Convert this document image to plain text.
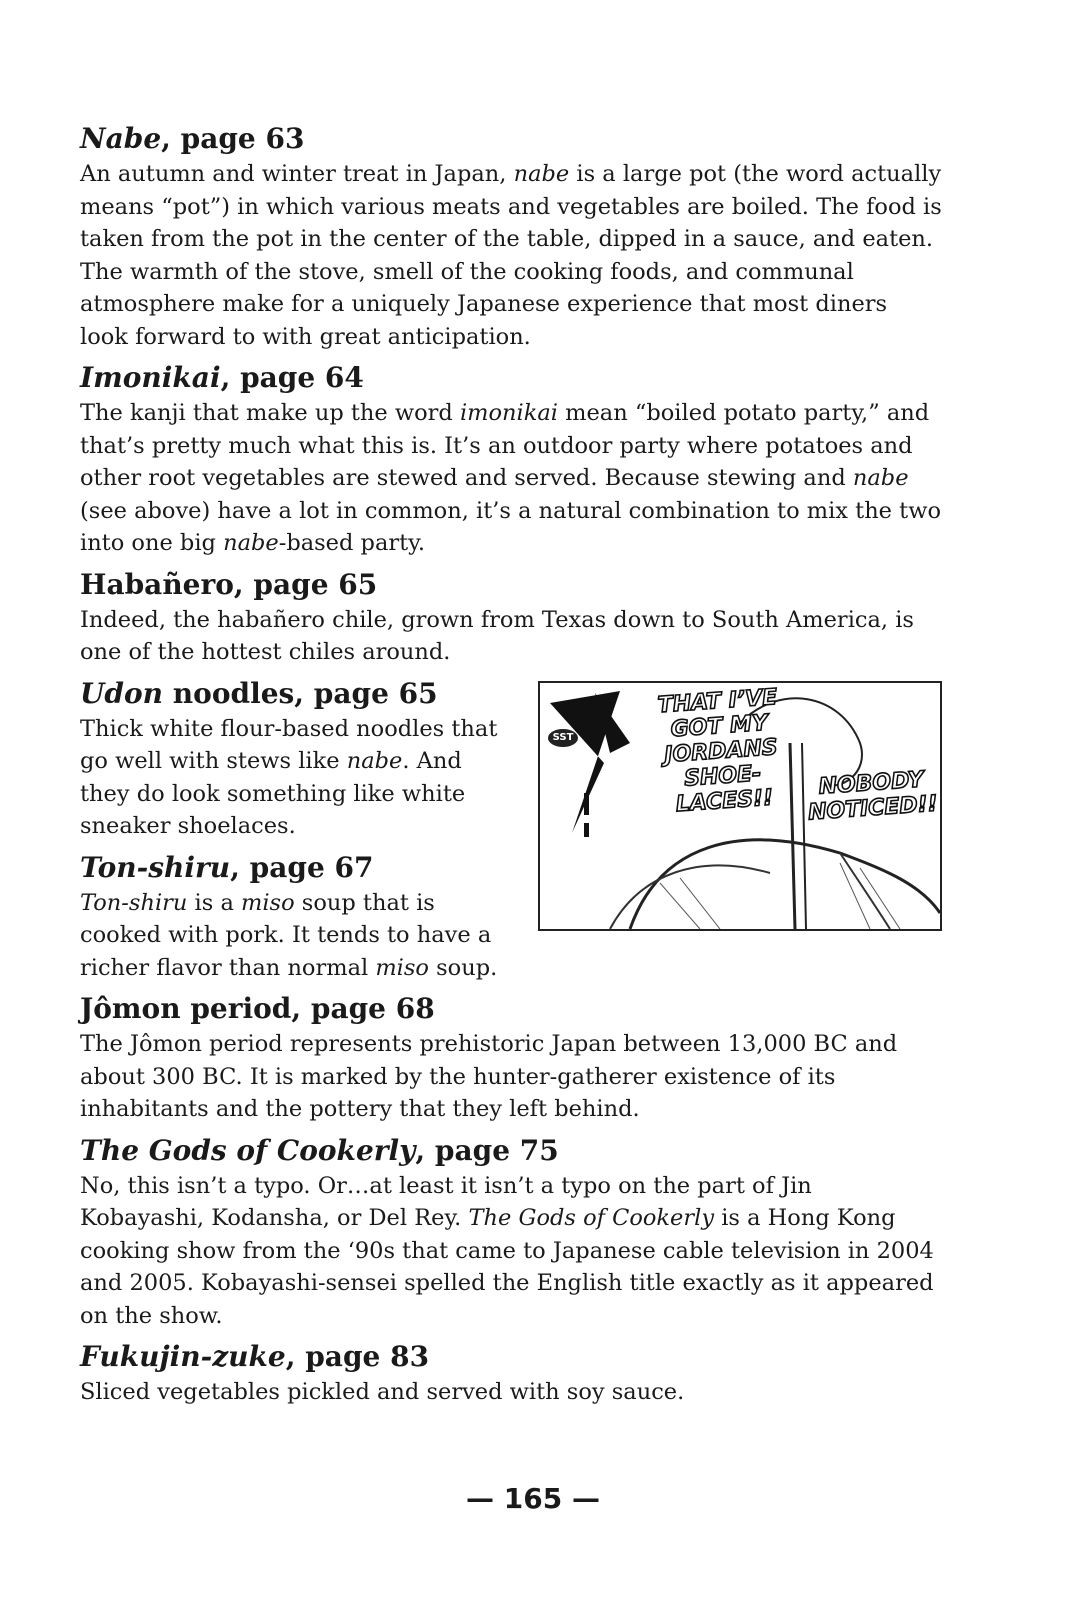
Nabe, page 63
An autumn and winter treat in Japan, nabe is a large pot (the word actually means “pot”) in which various meats and vegetables are boiled. The food is taken from the pot in the center of the table, dipped in a sauce, and eaten. The warmth of the stove, smell of the cooking foods, and communal atmosphere make for a uniquely Japanese experience that most diners look forward to with great anticipation.
Imonikai, page 64
The kanji that make up the word imonikai mean “boiled potato party,” and that’s pretty much what this is. It’s an outdoor party where potatoes and other root vegetables are stewed and served. Because stewing and nabe (see above) have a lot in common, it’s a natural combination to mix the two into one big nabe-based party.
Habañero, page 65
Indeed, the habañero chile, grown from Texas down to South America, is one of the hottest chiles around.
SST
THAT I’VE GOT MY JORDANS SHOE-LACES!!
NOBODY NOTICED!!
Udon noodles, page 65
Thick white flour-based noodles that go well with stews like nabe. And they do look something like white sneaker shoelaces.
Ton-shiru, page 67
Ton-shiru is a miso soup that is cooked with pork. It tends to have a richer flavor than normal miso soup.
Jômon period, page 68
The Jômon period represents prehistoric Japan between 13,000 BC and about 300 BC. It is marked by the hunter-gatherer existence of its inhabitants and the pottery that they left behind.
The Gods of Cookerly, page 75
No, this isn’t a typo. Or…at least it isn’t a typo on the part of Jin Kobayashi, Kodansha, or Del Rey. The Gods of Cookerly is a Hong Kong cooking show from the ‘90s that came to Japanese cable television in 2004 and 2005. Kobayashi-sensei spelled the English title exactly as it appeared on the show.
Fukujin-zuke, page 83
Sliced vegetables pickled and served with soy sauce.
— 165 —
